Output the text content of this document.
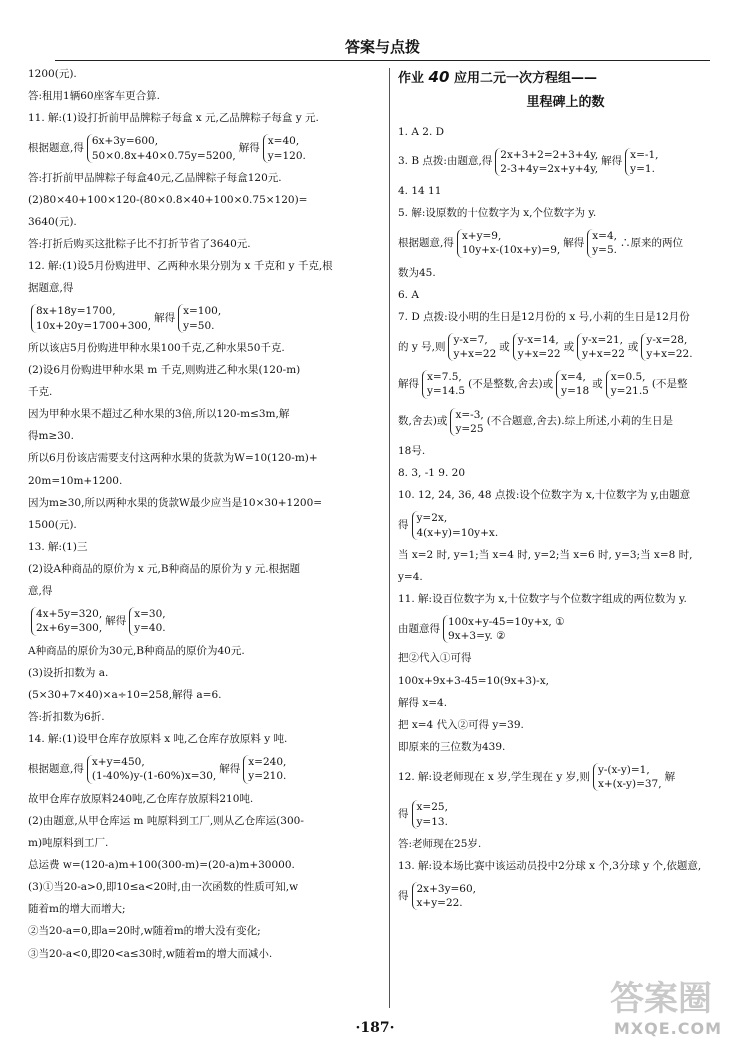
答案与点拨
1200(元).
答:租用1辆60座客车更合算.
11. 解:(1)设打折前甲品牌粽子每盒 x 元,乙品牌粽子每盒 y 元.
根据题意,得
6x+3y=600,
50×0.8x+40×0.75y=5200,
解得
x=40,
y=120.
答:打折前甲品牌粽子每盒40元,乙品牌粽子每盒120元.
(2)80×40+100×120-(80×0.8×40+100×0.75×120)=
3640(元).
答:打折后购买这批粽子比不打折节省了3640元.
12. 解:(1)设5月份购进甲、乙两种水果分别为 x 千克和 y 千克,根
据题意,得
8x+18y=1700,
10x+20y=1700+300,
解得
x=100,
y=50.
所以该店5月份购进甲种水果100千克,乙种水果50千克.
(2)设6月份购进甲种水果 m 千克,则购进乙种水果(120-m)
千克.
因为甲种水果不超过乙种水果的3倍,所以120-m≤3m,解
得m≥30.
所以6月份该店需要支付这两种水果的货款为W=10(120-m)+
20m=10m+1200.
因为m≥30,所以两种水果的货款W最少应当是10×30+1200=
1500(元).
13. 解:(1)三
(2)设A种商品的原价为 x 元,B种商品的原价为 y 元.根据题
意,得
4x+5y=320,
2x+6y=300,
解得
x=30,
y=40.
A种商品的原价为30元,B种商品的原价为40元.
(3)设折扣数为 a.
(5×30+7×40)×a÷10=258,解得 a=6.
答:折扣数为6折.
14. 解:(1)设甲仓库存放原料 x 吨,乙仓库存放原料 y 吨.
根据题意,得
x+y=450,
(1-40%)y-(1-60%)x=30,
解得
x=240,
y=210.
故甲仓库存放原料240吨,乙仓库存放原料210吨.
(2)由题意,从甲仓库运 m 吨原料到工厂,则从乙仓库运(300-
m)吨原料到工厂.
总运费 w=(120-a)m+100(300-m)=(20-a)m+30000.
(3)①当20-a>0,即10≤a<20时,由一次函数的性质可知,w
随着m的增大而增大;
②当20-a=0,即a=20时,w随着m的增大没有变化;
③当20-a<0,即20<a≤30时,w随着m的增大而减小.
作业 40 应用二元一次方程组——
里程碑上的数
1. A 2. D
3. B 点拨:由题意,得
2x+3+2=2+3+4y,
2-3+4y=2x+y+4y,
解得
x=-1,
y=1.
4. 14 11
5. 解:设原数的十位数字为 x,个位数字为 y.
根据题意,得
x+y=9,
10y+x-(10x+y)=9,
解得
x=4,
y=5.
∴原来的两位
数为45.
6. A
7. D 点拨:设小明的生日是12月份的 x 号,小莉的生日是12月份
的 y 号,则
y-x=7,
y+x=22
或
y-x=14,
y+x=22
或
y-x=21,
y+x=22
或
y-x=28,
y+x=22.
解得
x=7.5,
y=14.5
(不是整数,舍去)或
x=4,
y=18
或
x=0.5,
y=21.5
(不是整
数,舍去)或
x=-3,
y=25
(不合题意,舍去).综上所述,小莉的生日是
18号.
8. 3, -1 9. 20
10. 12, 24, 36, 48 点拨:设个位数字为 x,十位数字为 y,由题意
得
y=2x,
4(x+y)=10y+x.
当 x=2 时, y=1;当 x=4 时, y=2;当 x=6 时, y=3;当 x=8 时,
y=4.
11. 解:设百位数字为 x,十位数字与个位数字组成的两位数为 y.
由题意得
100x+y-45=10y+x, ①
9x+3=y. ②
把②代入①可得
100x+9x+3-45=10(9x+3)-x,
解得 x=4.
把 x=4 代入②可得 y=39.
即原来的三位数为439.
12. 解:设老师现在 x 岁,学生现在 y 岁,则
y-(x-y)=1,
x+(x-y)=37,
解
得
x=25,
y=13.
答:老师现在25岁.
13. 解:设本场比赛中该运动员投中2分球 x 个,3分球 y 个,依题意,
得
2x+3y=60,
x+y=22.
·187·
答案圈
MXQE.COM
